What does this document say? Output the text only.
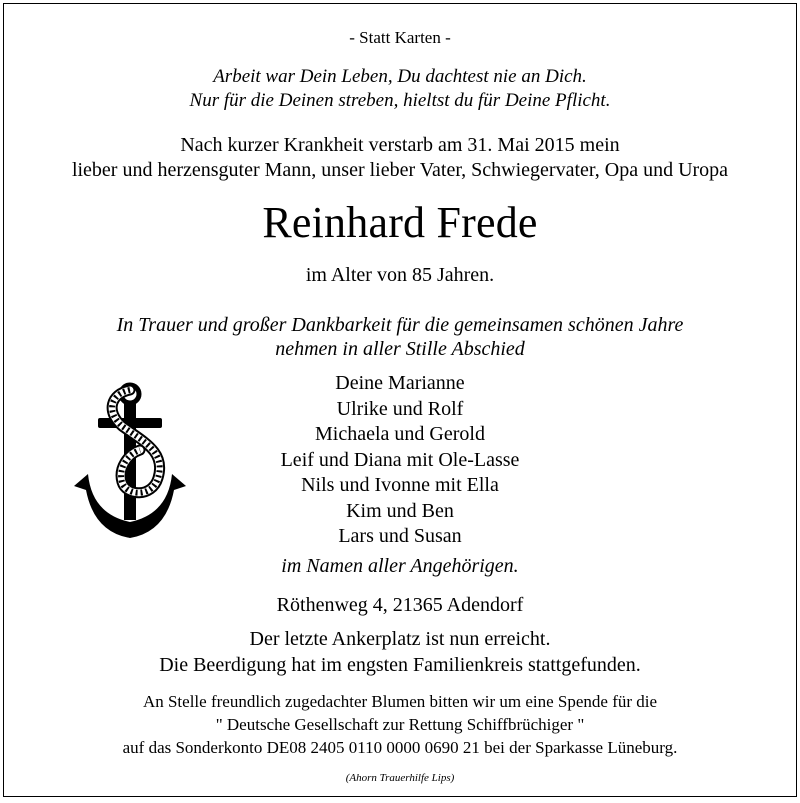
- Statt Karten -
Arbeit war Dein Leben, Du dachtest nie an Dich.
Nur für die Deinen streben, hieltst du für Deine Pflicht.
Nach kurzer Krankheit verstarb am 31. Mai 2015 mein
lieber und herzensguter Mann, unser lieber Vater, Schwiegervater, Opa und Uropa
Reinhard Frede
im Alter von 85 Jahren.
In Trauer und großer Dankbarkeit für die gemeinsamen schönen Jahre
nehmen in aller Stille Abschied
Deine Marianne
Ulrike und Rolf
Michaela und Gerold
Leif und Diana mit Ole-Lasse
Nils und Ivonne mit Ella
Kim und Ben
Lars und Susan
im Namen aller Angehörigen.
Röthenweg 4, 21365 Adendorf
Der letzte Ankerplatz ist nun erreicht.
Die Beerdigung hat im engsten Familienkreis stattgefunden.
An Stelle freundlich zugedachter Blumen bitten wir um eine Spende für die
" Deutsche Gesellschaft zur Rettung Schiffbrüchiger "
auf das Sonderkonto DE08 2405 0110 0000 0690 21 bei der Sparkasse Lüneburg.
(Ahorn Trauerhilfe Lips)
